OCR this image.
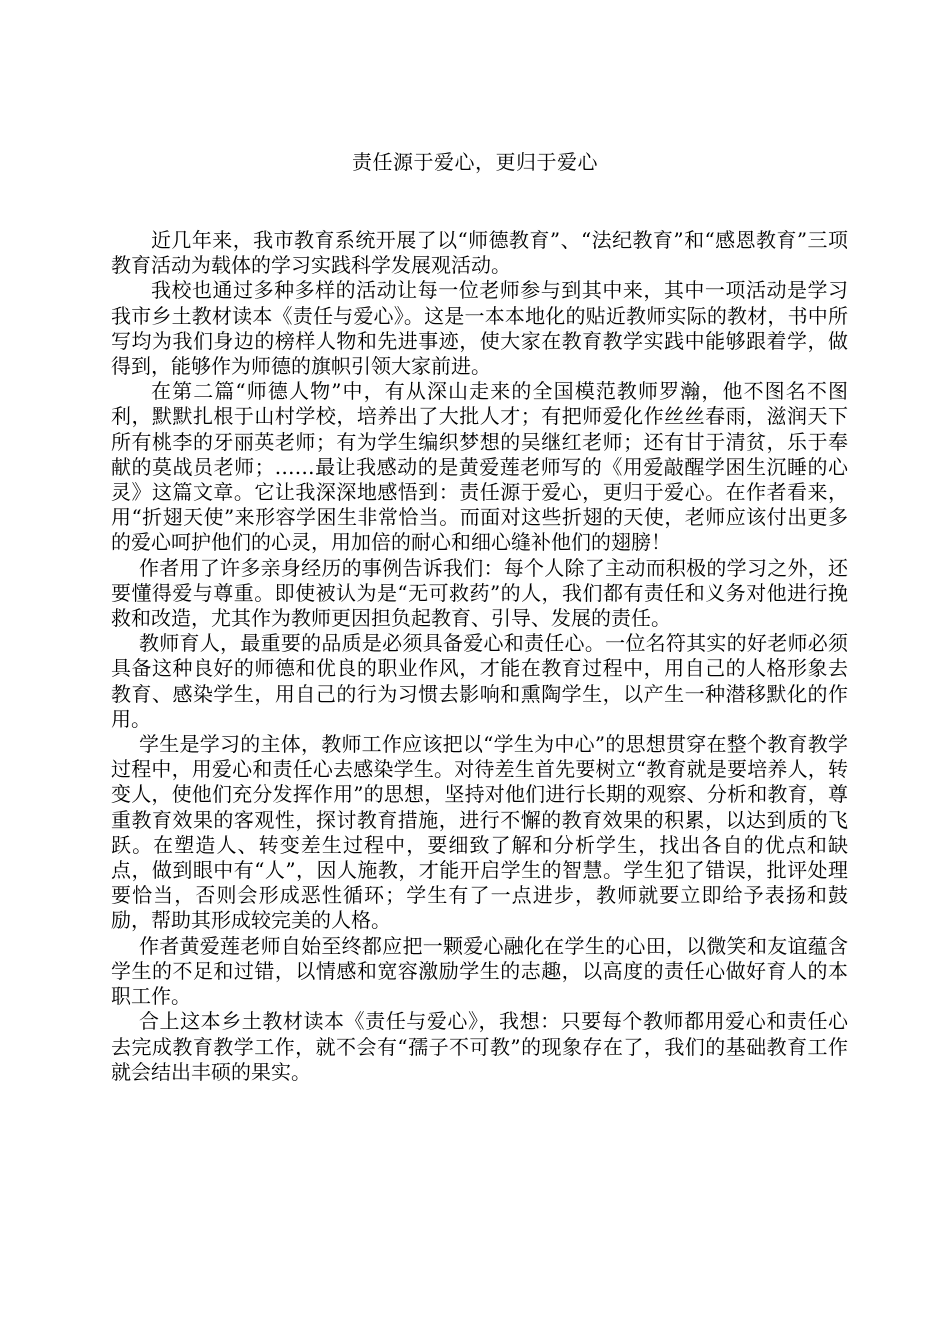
责任源于爱心，更归于爱心

近几年来，我市教育系统开展了以“师德教育”、“法纪教育”和“感恩教育”三项教育活动为载体的学习实践科学发展观活动。

我校也通过多种多样的活动让每一位老师参与到其中来，其中一项活动是学习我市乡土教材读本《责任与爱心》。这是一本本地化的贴近教师实际的教材，书中所写均为我们身边的榜样人物和先进事迹，使大家在教育教学实践中能够跟着学，做得到，能够作为师德的旗帜引领大家前进。

在第二篇“师德人物”中，有从深山走来的全国模范教师罗瀚，他不图名不图利，默默扎根于山村学校，培养出了大批人才；有把师爱化作丝丝春雨，滋润天下所有桃李的牙丽英老师；有为学生编织梦想的吴继红老师；还有甘于清贫，乐于奉献的莫战员老师；……最让我感动的是黄爱莲老师写的《用爱敲醒学困生沉睡的心灵》这篇文章。它让我深深地感悟到：责任源于爱心，更归于爱心。在作者看来，用“折翅天使”来形容学困生非常恰当。而面对这些折翅的天使，老师应该付出更多的爱心呵护他们的心灵，用加倍的耐心和细心缝补他们的翅膀！

作者用了许多亲身经历的事例告诉我们：每个人除了主动而积极的学习之外，还要懂得爱与尊重。即使被认为是“无可救药”的人，我们都有责任和义务对他进行挽救和改造，尤其作为教师更因担负起教育、引导、发展的责任。

教师育人，最重要的品质是必须具备爱心和责任心。一位名符其实的好老师必须具备这种良好的师德和优良的职业作风，才能在教育过程中，用自己的人格形象去教育、感染学生，用自己的行为习惯去影响和熏陶学生，以产生一种潜移默化的作用。

学生是学习的主体，教师工作应该把以“学生为中心”的思想贯穿在整个教育教学过程中，用爱心和责任心去感染学生。对待差生首先要树立“教育就是要培养人，转变人，使他们充分发挥作用”的思想，坚持对他们进行长期的观察、分析和教育，尊重教育效果的客观性，探讨教育措施，进行不懈的教育效果的积累，以达到质的飞跃。在塑造人、转变差生过程中，要细致了解和分析学生，找出各自的优点和缺点，做到眼中有“人”，因人施教，才能开启学生的智慧。学生犯了错误，批评处理要恰当，否则会形成恶性循环；学生有了一点进步，教师就要立即给予表扬和鼓励，帮助其形成较完美的人格。

作者黄爱莲老师自始至终都应把一颗爱心融化在学生的心田，以微笑和友谊蕴含学生的不足和过错，以情感和宽容激励学生的志趣，以高度的责任心做好育人的本职工作。

合上这本乡土教材读本《责任与爱心》，我想：只要每个教师都用爱心和责任心去完成教育教学工作，就不会有“孺子不可教”的现象存在了，我们的基础教育工作就会结出丰硕的果实。
